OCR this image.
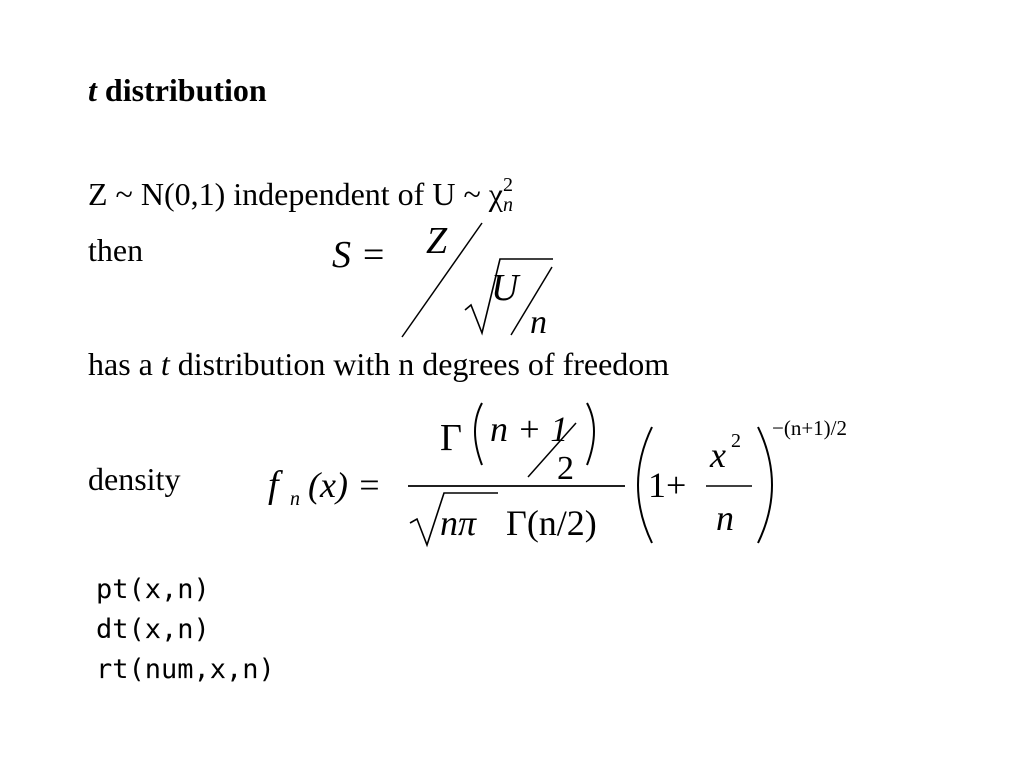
t distribution
Z ~ N(0,1) independent of U ~ $\chi_n^2$
then	S = Z
U
n
has a t distribution with n degrees of freedom
density f n (x) =
Γ n + 1
2
nπ Γ(n/2)
1+
x 2
n
−(n+1)/2
pt(x,n)
dt(x,n)
rt(num,x,n)
